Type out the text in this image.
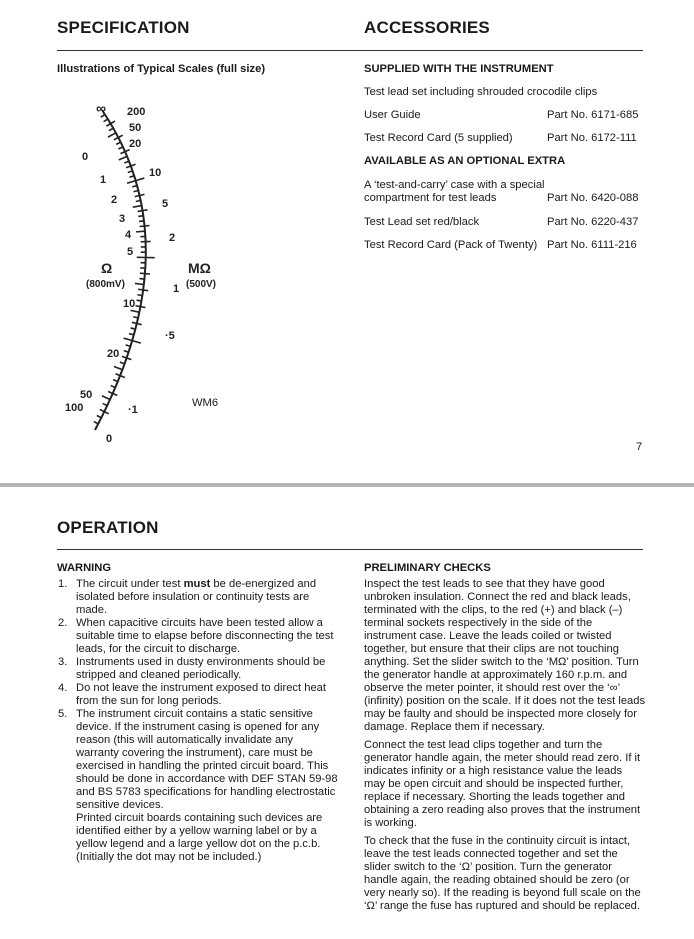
SPECIFICATION	ACCESSORIES
Illustrations of Typical Scales (full size)
∞
0
1
2
3
4
5
10
20
50
100
0
200
50
20
10
5
2
1
·5
·1
Ω
(800mV)
MΩ
(500V)
WM6
SUPPLIED WITH THE INSTRUMENT
Test lead set including shrouded crocodile clips
User Guide	Part No. 6171-685
Test Record Card (5 supplied)	Part No. 6172-111
AVAILABLE AS AN OPTIONAL EXTRA
A ‘test-and-carry’ case with a special
compartment for test leads	Part No. 6420-088
Test Lead set red/black	Part No. 6220-437
Test Record Card (Pack of Twenty) Part No. 6111-216
7
OPERATION
WARNING
1. The circuit under test must be de-energized and isolated before insulation or continuity tests are made.
2. When capacitive circuits have been tested allow a suitable time to elapse before disconnecting the test leads, for the circuit to discharge.
3. Instruments used in dusty environments should be stripped and cleaned periodically.
4. Do not leave the instrument exposed to direct heat from the sun for long periods.
5. The instrument circuit contains a static sensitive device. If the instrument casing is opened for any reason (this will automatically invalidate any warranty covering the instrument), care must be exercised in handling the printed circuit board. This should be done in accordance with DEF STAN 59-98 and BS 5783 specifications for handling electrostatic sensitive devices.
Printed circuit boards containing such devices are identified either by a yellow warning label or by a yellow legend and a large yellow dot on the p.c.b. (Initially the dot may not be included.)
PRELIMINARY CHECKS
Inspect the test leads to see that they have good unbroken insulation. Connect the red and black leads, terminated with the clips, to the red (+) and black (–) terminal sockets respectively in the side of the instrument case. Leave the leads coiled or twisted together, but ensure that their clips are not touching anything. Set the slider switch to the ‘MΩ’ position. Turn the generator handle at approximately 160 r.p.m. and observe the meter pointer, it should rest over the ‘∞’ (infinity) position on the scale. If it does not the test leads may be faulty and should be inspected more closely for damage. Replace them if necessary.
Connect the test lead clips together and turn the generator handle again, the meter should read zero. If it indicates infinity or a high resistance value the leads may be open circuit and should be inspected further, replace if necessary. Shorting the leads together and obtaining a zero reading also proves that the instrument is working.
To check that the fuse in the continuity circuit is intact, leave the test leads connected together and set the slider switch to the ‘Ω’ position. Turn the generator handle again, the reading obtained should be zero (or very nearly so). If the reading is beyond full scale on the ‘Ω’ range the fuse has ruptured and should be replaced.
